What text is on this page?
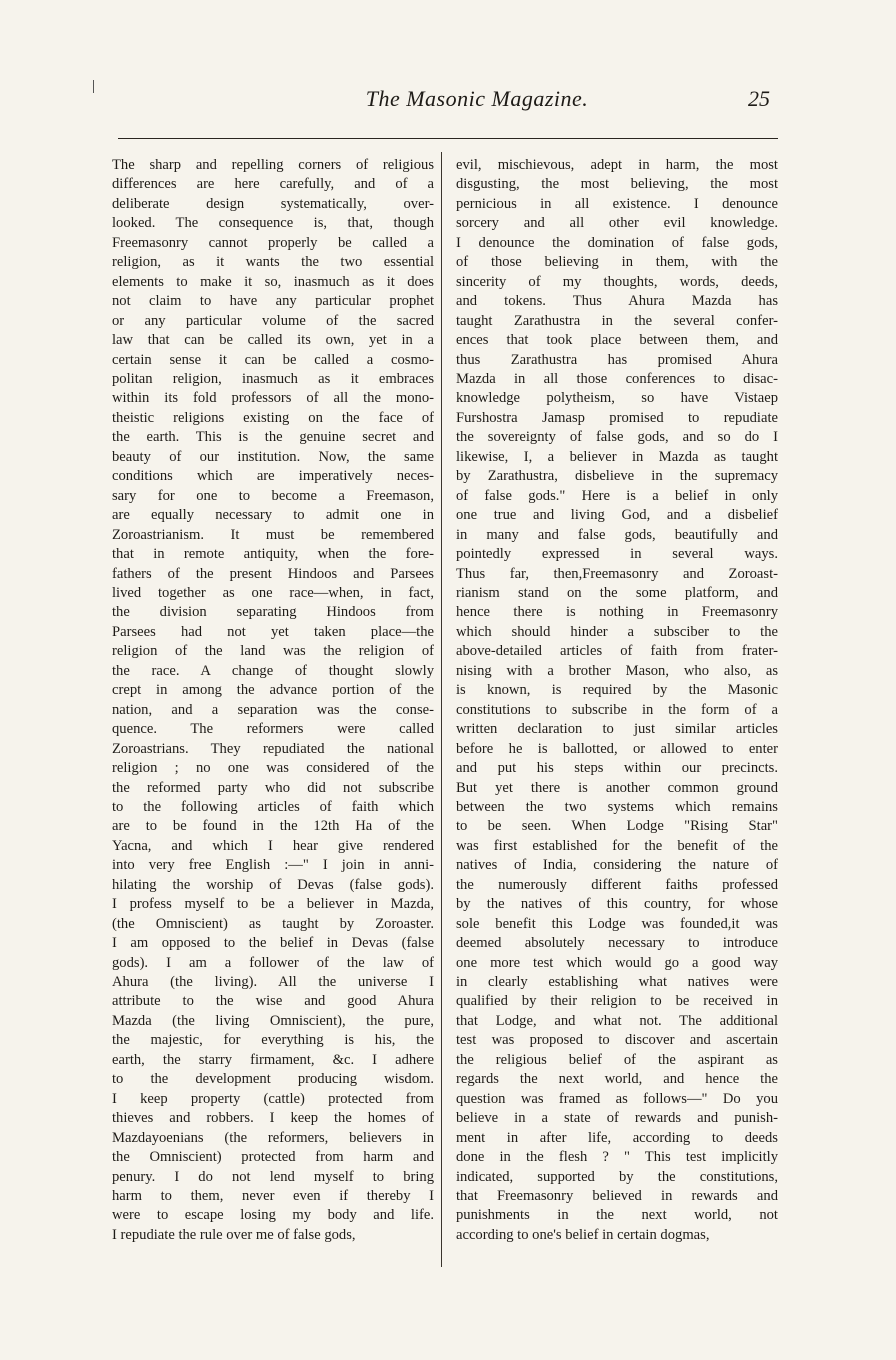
The Masonic Magazine.	25
The sharp and repelling corners of religious
differences are here carefully, and of a
deliberate design systematically, over-
looked. The consequence is, that, though
Freemasonry cannot properly be called a
religion, as it wants the two essential
elements to make it so, inasmuch as it does
not claim to have any particular prophet
or any particular volume of the sacred
law that can be called its own, yet in a
certain sense it can be called a cosmo-
politan religion, inasmuch as it embraces
within its fold professors of all the mono-
theistic religions existing on the face of
the earth. This is the genuine secret and
beauty of our institution. Now, the same
conditions which are imperatively neces-
sary for one to become a Freemason,
are equally necessary to admit one in
Zoroastrianism. It must be remembered
that in remote antiquity, when the fore-
fathers of the present Hindoos and Parsees
lived together as one race—when, in fact,
the division separating Hindoos from
Parsees had not yet taken place—the
religion of the land was the religion of
the race. A change of thought slowly
crept in among the advance portion of the
nation, and a separation was the conse-
quence. The reformers were called
Zoroastrians. They repudiated the national
religion ; no one was considered of the
the reformed party who did not subscribe
to the following articles of faith which
are to be found in the 12th Ha of the
Yacna, and which I hear give rendered
into very free English :—" I join in anni-
hilating the worship of Devas (false gods).
I profess myself to be a believer in Mazda,
(the Omniscient) as taught by Zoroaster.
I am opposed to the belief in Devas (false
gods). I am a follower of the law of
Ahura (the living). All the universe I
attribute to the wise and good Ahura
Mazda (the living Omniscient), the pure,
the majestic, for everything is his, the
earth, the starry firmament, &c. I adhere
to the development producing wisdom.
I keep property (cattle) protected from
thieves and robbers. I keep the homes of
Mazdayoenians (the reformers, believers in
the Omniscient) protected from harm and
penury. I do not lend myself to bring
harm to them, never even if thereby I
were to escape losing my body and life.
I repudiate the rule over me of false gods,
evil, mischievous, adept in harm, the most
disgusting, the most believing, the most
pernicious in all existence. I denounce
sorcery and all other evil knowledge.
I denounce the domination of false gods,
of those believing in them, with the
sincerity of my thoughts, words, deeds,
and tokens. Thus Ahura Mazda has
taught Zarathustra in the several confer-
ences that took place between them, and
thus Zarathustra has promised Ahura
Mazda in all those conferences to disac-
knowledge polytheism, so have Vistaep
Furshostra Jamasp promised to repudiate
the sovereignty of false gods, and so do I
likewise, I, a believer in Mazda as taught
by Zarathustra, disbelieve in the supremacy
of false gods." Here is a belief in only
one true and living God, and a disbelief
in many and false gods, beautifully and
pointedly expressed in several ways.
Thus far, then,Freemasonry and Zoroast-
rianism stand on the some platform, and
hence there is nothing in Freemasonry
which should hinder a subsciber to the
above-detailed articles of faith from frater-
nising with a brother Mason, who also, as
is known, is required by the Masonic
constitutions to subscribe in the form of a
written declaration to just similar articles
before he is ballotted, or allowed to enter
and put his steps within our precincts.
But yet there is another common ground
between the two systems which remains
to be seen. When Lodge "Rising Star"
was first established for the benefit of the
natives of India, considering the nature of
the numerously different faiths professed
by the natives of this country, for whose
sole benefit this Lodge was founded,it was
deemed absolutely necessary to introduce
one more test which would go a good way
in clearly establishing what natives were
qualified by their religion to be received in
that Lodge, and what not. The additional
test was proposed to discover and ascertain
the religious belief of the aspirant as
regards the next world, and hence the
question was framed as follows—" Do you
believe in a state of rewards and punish-
ment in after life, according to deeds
done in the flesh ? " This test implicitly
indicated, supported by the constitutions,
that Freemasonry believed in rewards and
punishments in the next world, not
according to one's belief in certain dogmas,
